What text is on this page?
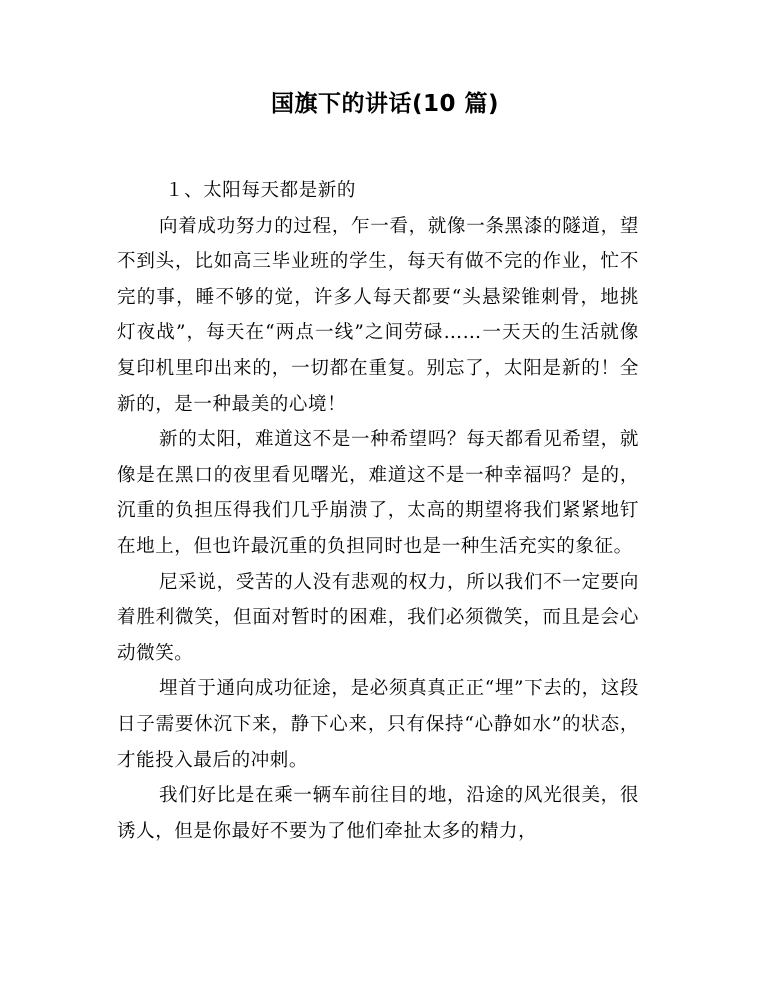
国旗下的讲话(10 篇)

１、太阳每天都是新的

向着成功努力的过程，乍一看，就像一条黑漆的隧道，望不到头，比如高三毕业班的学生，每天有做不完的作业，忙不完的事，睡不够的觉，许多人每天都要“头悬梁锥刺骨，地挑灯夜战”，每天在“两点一线”之间劳碌……一天天的生活就像复印机里印出来的，一切都在重复。别忘了，太阳是新的！全新的，是一种最美的心境！

新的太阳，难道这不是一种希望吗？每天都看见希望，就像是在黑口的夜里看见曙光，难道这不是一种幸福吗？是的，沉重的负担压得我们几乎崩溃了，太高的期望将我们紧紧地钉在地上，但也许最沉重的负担同时也是一种生活充实的象征。

尼采说，受苦的人没有悲观的权力，所以我们不一定要向着胜利微笑，但面对暂时的困难，我们必须微笑，而且是会心动微笑。

埋首于通向成功征途，是必须真真正正“埋”下去的，这段日子需要休沉下来，静下心来，只有保持“心静如水”的状态，才能投入最后的冲刺。

我们好比是在乘一辆车前往目的地，沿途的风光很美，很诱人，但是你最好不要为了他们牵扯太多的精力，
